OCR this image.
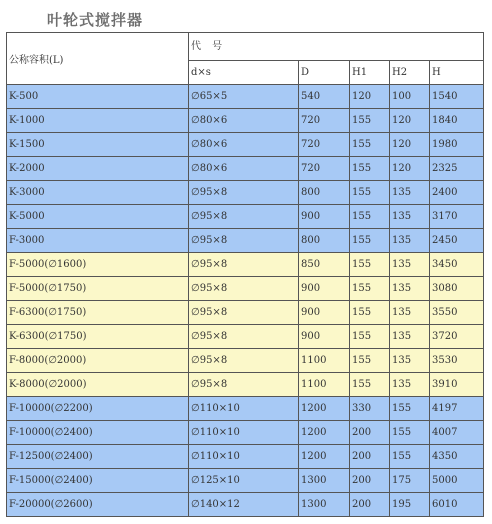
叶轮式搅拌器
公称容积(L)	代 号				
	d×s	D	H1	H2	H
K-500	∅65×5	540	120	100	1540
K-1000	∅80×6	720	155	120	1840
K-1500	∅80×6	720	155	120	1980
K-2000	∅80×6	720	155	120	2325
K-3000	∅95×8	800	155	135	2400
K-5000	∅95×8	900	155	135	3170
F-3000	∅95×8	800	155	135	2450
F-5000(∅1600)	∅95×8	850	155	135	3450
F-5000(∅1750)	∅95×8	900	155	135	3080
F-6300(∅1750)	∅95×8	900	155	135	3550
K-6300(∅1750)	∅95×8	900	155	135	3720
F-8000(∅2000)	∅95×8	1100	155	135	3530
K-8000(∅2000)	∅95×8	1100	155	135	3910
F-10000(∅2200)	∅110×10	1200	330	155	4197
F-10000(∅2400)	∅110×10	1200	200	155	4007
F-12500(∅2400)	∅110×10	1200	200	155	4350
F-15000(∅2400)	∅125×10	1300	200	175	5000
F-20000(∅2600)	∅140×12	1300	200	195	6010
